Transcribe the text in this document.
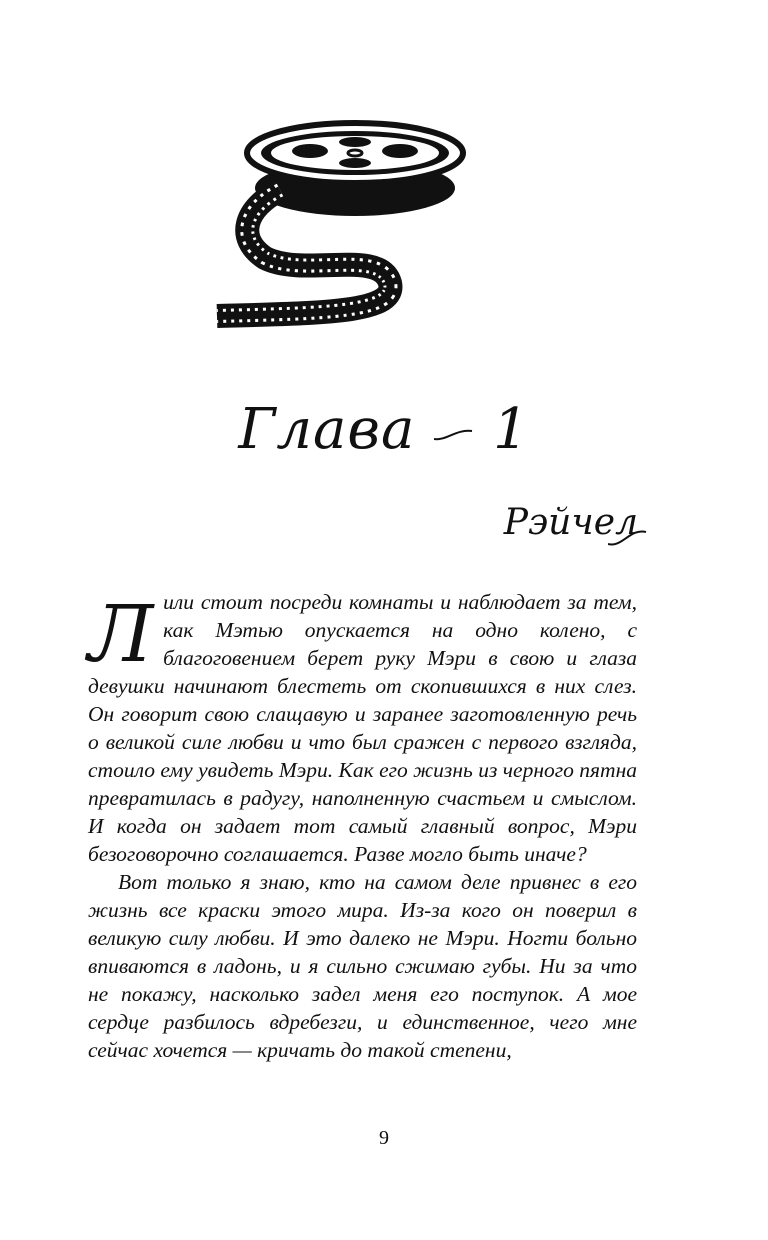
Глава 1
Рэйчел

Л или стоит посреди комнаты и наблюдает за тем, как Мэтью опускается на одно колено, с благоговением берет руку Мэри в свою и глаза девушки начинают блестеть от скопившихся в них слез. Он говорит свою слащавую и заранее заготовленную речь о великой силе любви и что был сражен с первого взгляда, стоило ему увидеть Мэри. Как его жизнь из черного пятна превратилась в радугу, наполненную счастьем и смыслом. И когда он задает тот самый главный вопрос, Мэри безоговорочно соглашается. Разве могло быть иначе?

Вот только я знаю, кто на самом деле привнес в его жизнь все краски этого мира. Из-за кого он поверил в великую силу любви. И это далеко не Мэри. Ногти больно впиваются в ладонь, и я сильно сжимаю губы. Ни за что не покажу, насколько задел меня его поступок. А мое сердце разбилось вдребезги, и единственное, чего мне сейчас хочется — кричать до такой степени,

9
